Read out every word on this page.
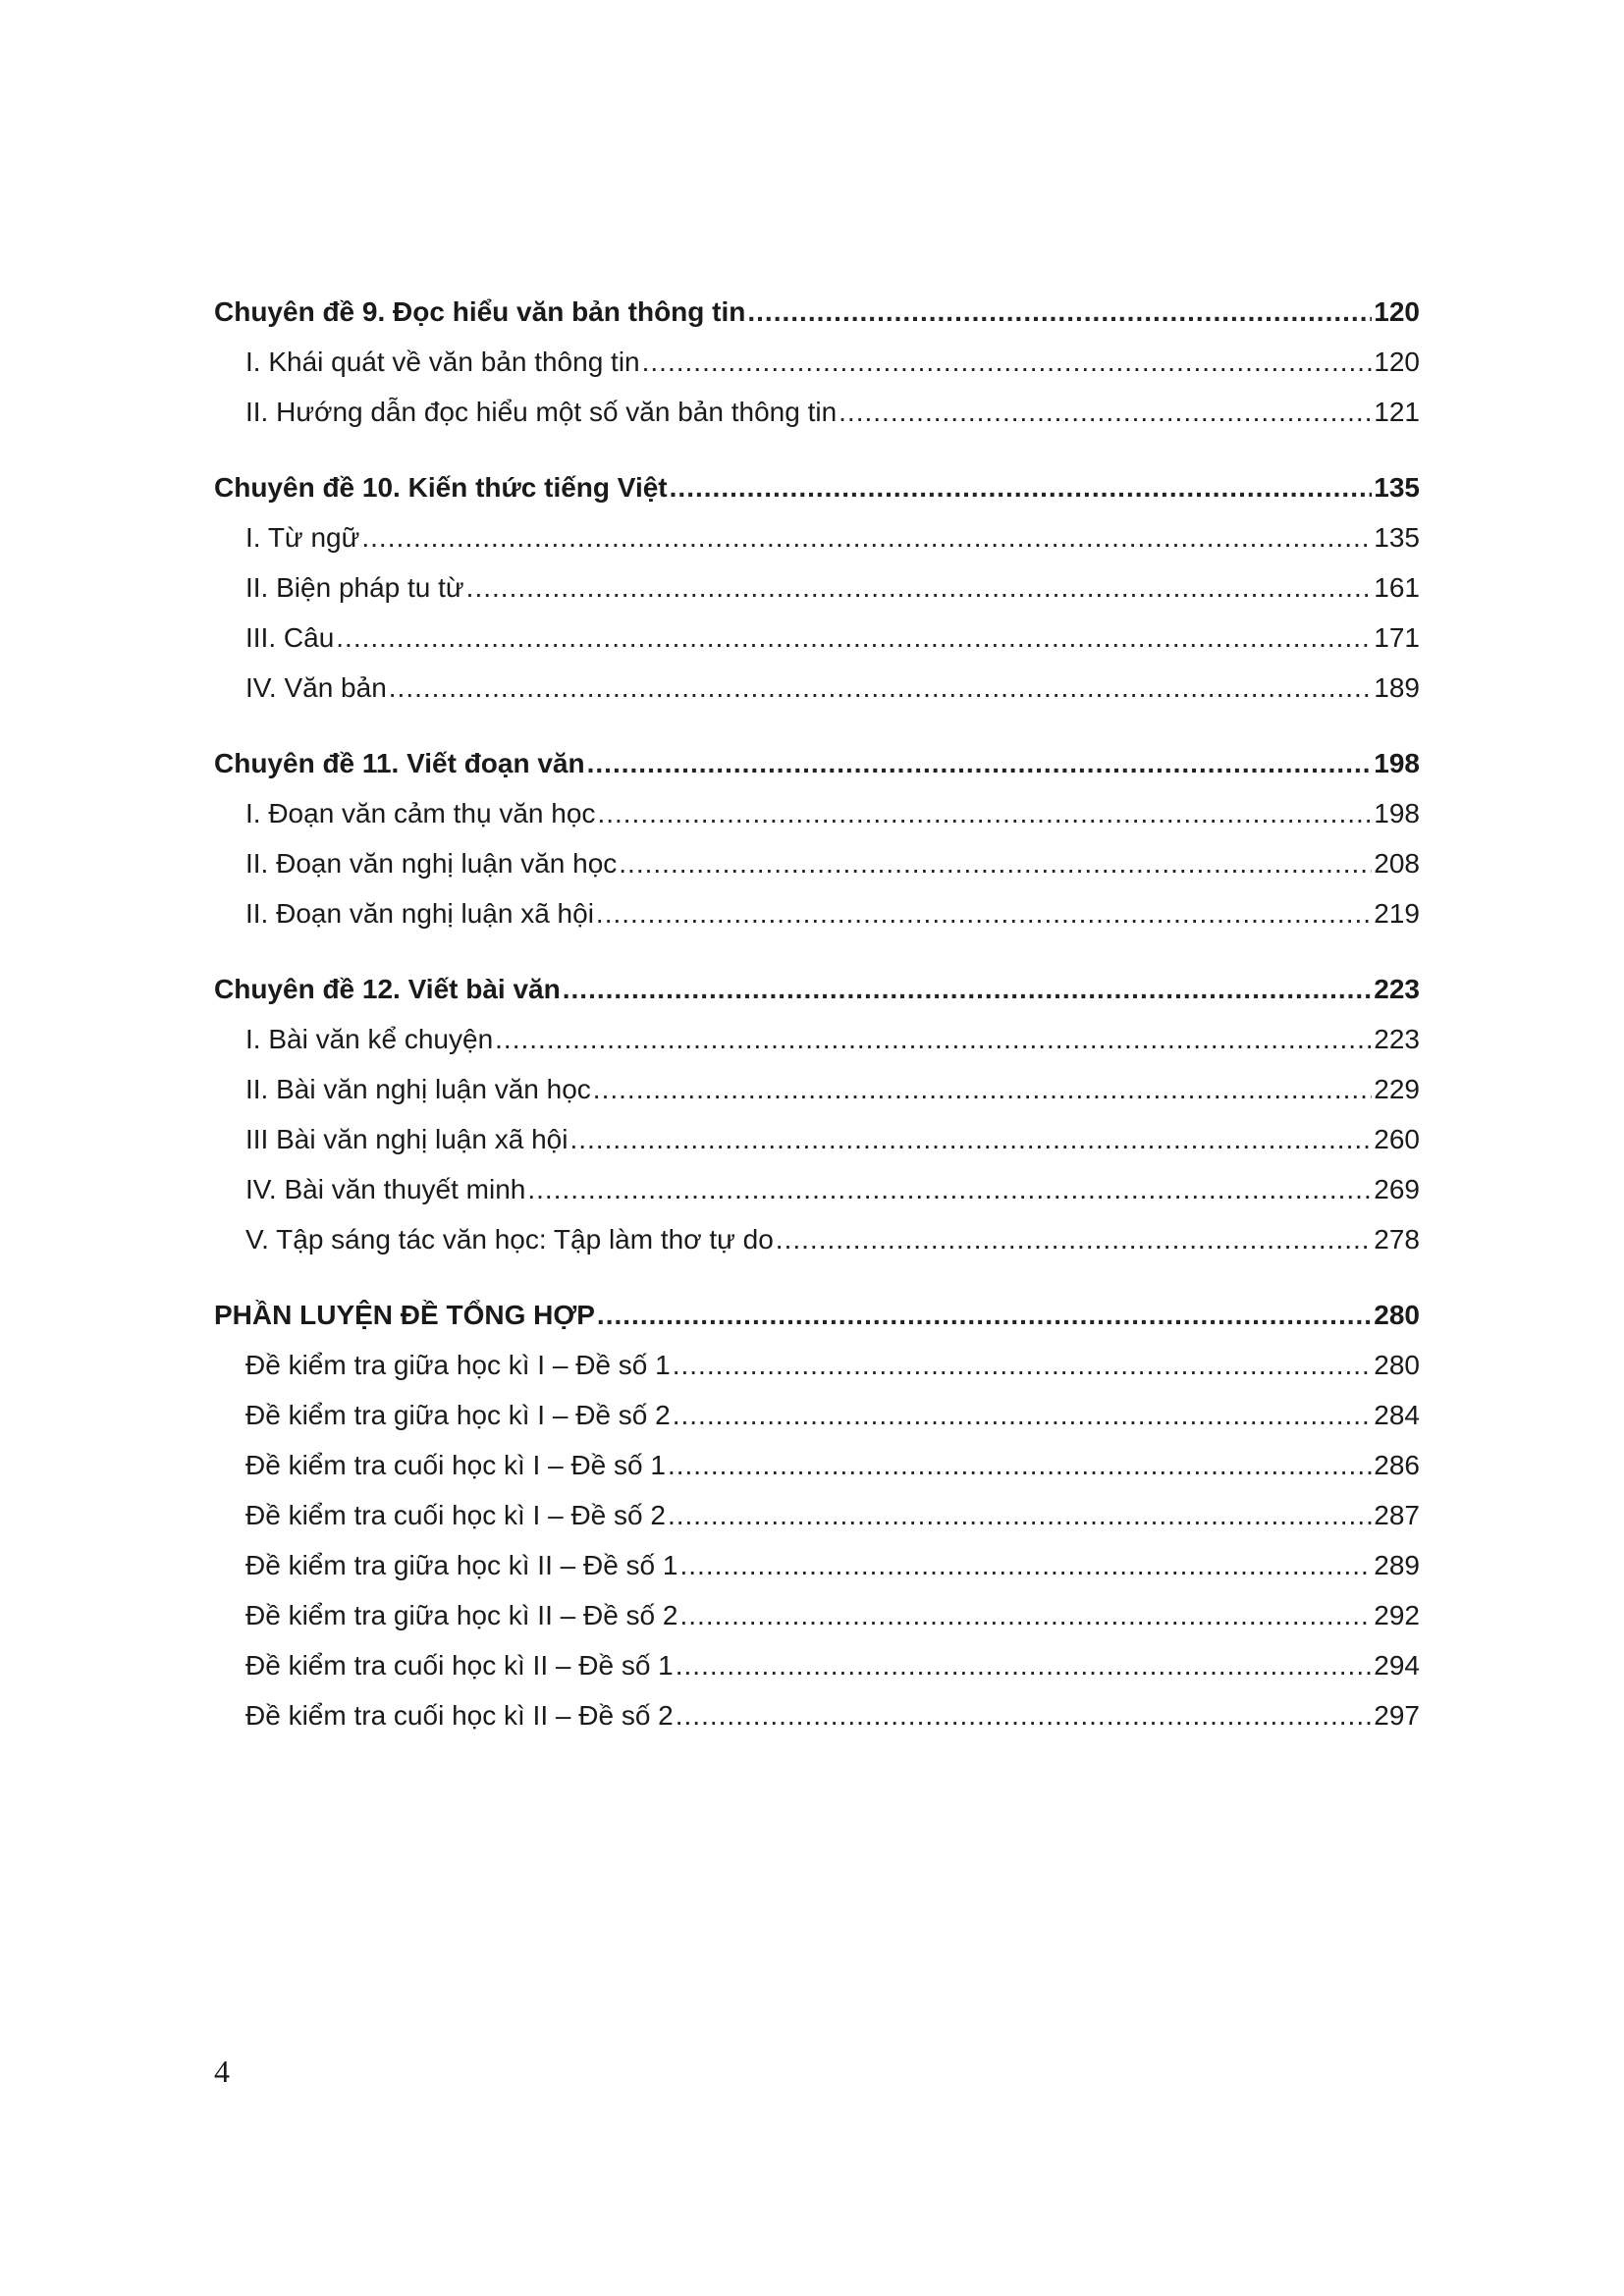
Chuyên đề 9. Đọc hiểu văn bản thông tin .....	120
I. Khái quát về văn bản thông tin .....	120
II. Hướng dẫn đọc hiểu một số văn bản thông tin .....	121
Chuyên đề 10. Kiến thức tiếng Việt .....	135
I. Từ ngữ .....	135
II. Biện pháp tu từ .....	161
III. Câu .....	171
IV. Văn bản .....	189
Chuyên đề 11. Viết đoạn văn .....	198
I. Đoạn văn cảm thụ văn học .....	198
II. Đoạn văn nghị luận văn học .....	208
II. Đoạn văn nghị luận xã hội .....	219
Chuyên đề 12. Viết bài văn .....	223
I. Bài văn kể chuyện .....	223
II. Bài văn nghị luận văn học .....	229
III Bài văn nghị luận xã hội .....	260
IV. Bài văn thuyết minh .....	269
V. Tập sáng tác văn học: Tập làm thơ tự do .....	278
PHẦN LUYỆN ĐỀ TỔNG HỢP .....	280
Đề kiểm tra giữa học kì I – Đề số 1 .....	280
Đề kiểm tra giữa học kì I – Đề số 2 .....	284
Đề kiểm tra cuối học kì I – Đề số 1 .....	286
Đề kiểm tra cuối học kì I – Đề số 2 .....	287
Đề kiểm tra giữa học kì II – Đề số 1 .....	289
Đề kiểm tra giữa học kì II – Đề số 2 .....	292
Đề kiểm tra cuối học kì II – Đề số 1 .....	294
Đề kiểm tra cuối học kì II – Đề số 2 .....	297
4
